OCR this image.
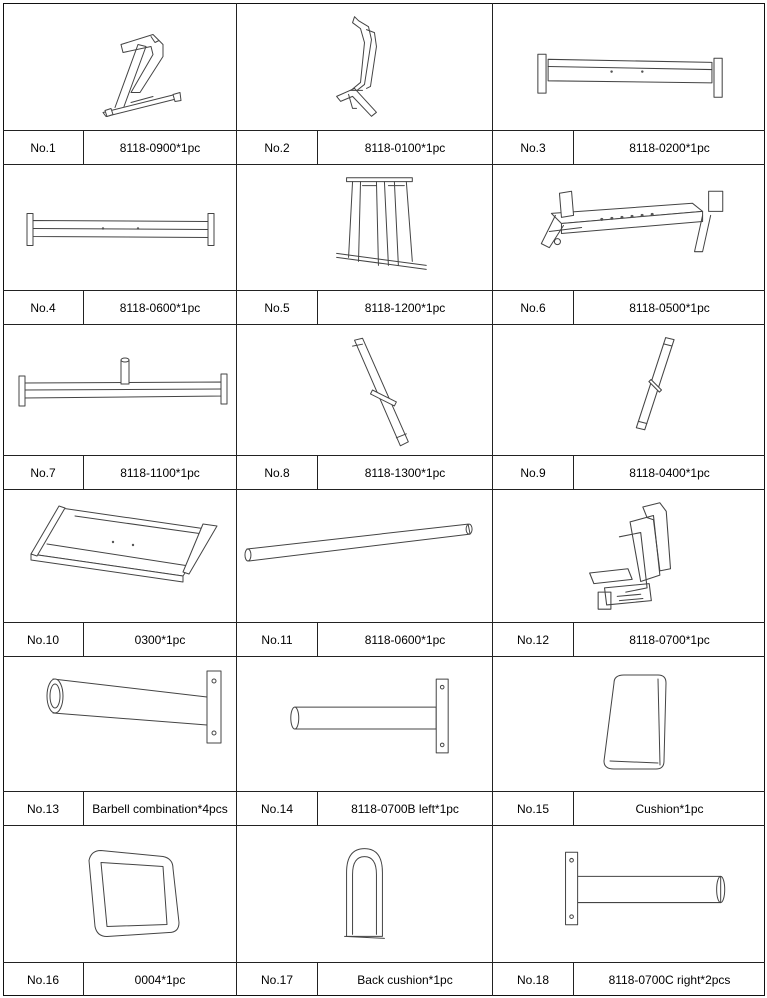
No.1	8118-0900*1pc	No.2	8118-0100*1pc	No.3	8118-0200*1pc
No.4	8118-0600*1pc	No.5	8118-1200*1pc	No.6	8118-0500*1pc
No.7	8118-1100*1pc	No.8	8118-1300*1pc	No.9	8118-0400*1pc
No.10	0300*1pc	No.11	8118-0600*1pc	No.12	8118-0700*1pc
No.13	Barbell combination*4pcs	No.14	8118-0700B left*1pc	No.15	Cushion*1pc
No.16	0004*1pc	No.17	Back cushion*1pc	No.18	8118-0700C right*2pcs
